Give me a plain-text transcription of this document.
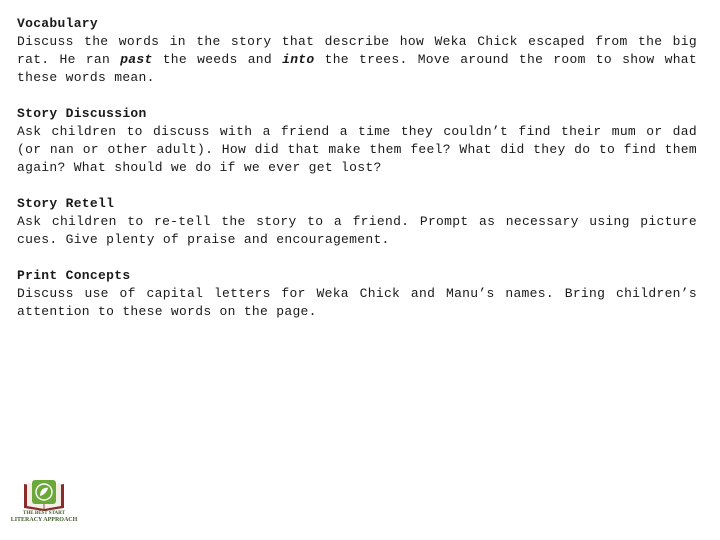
Vocabulary
Discuss the words in the story that describe how Weka Chick escaped from the big rat. He ran past the weeds and into the trees. Move around the room to show what these words mean.
Story Discussion
Ask children to discuss with a friend a time they couldn’t find their mum or dad (or nan or other adult). How did that make them feel? What did they do to find them again? What should we do if we ever get lost?
Story Retell
Ask children to re-tell the story to a friend. Prompt as necessary using picture cues. Give plenty of praise and encouragement.
Print Concepts
Discuss use of capital letters for Weka Chick and Manu’s names. Bring children’s attention to these words on the page.
THE BEST START
LITERACY APPROACH
